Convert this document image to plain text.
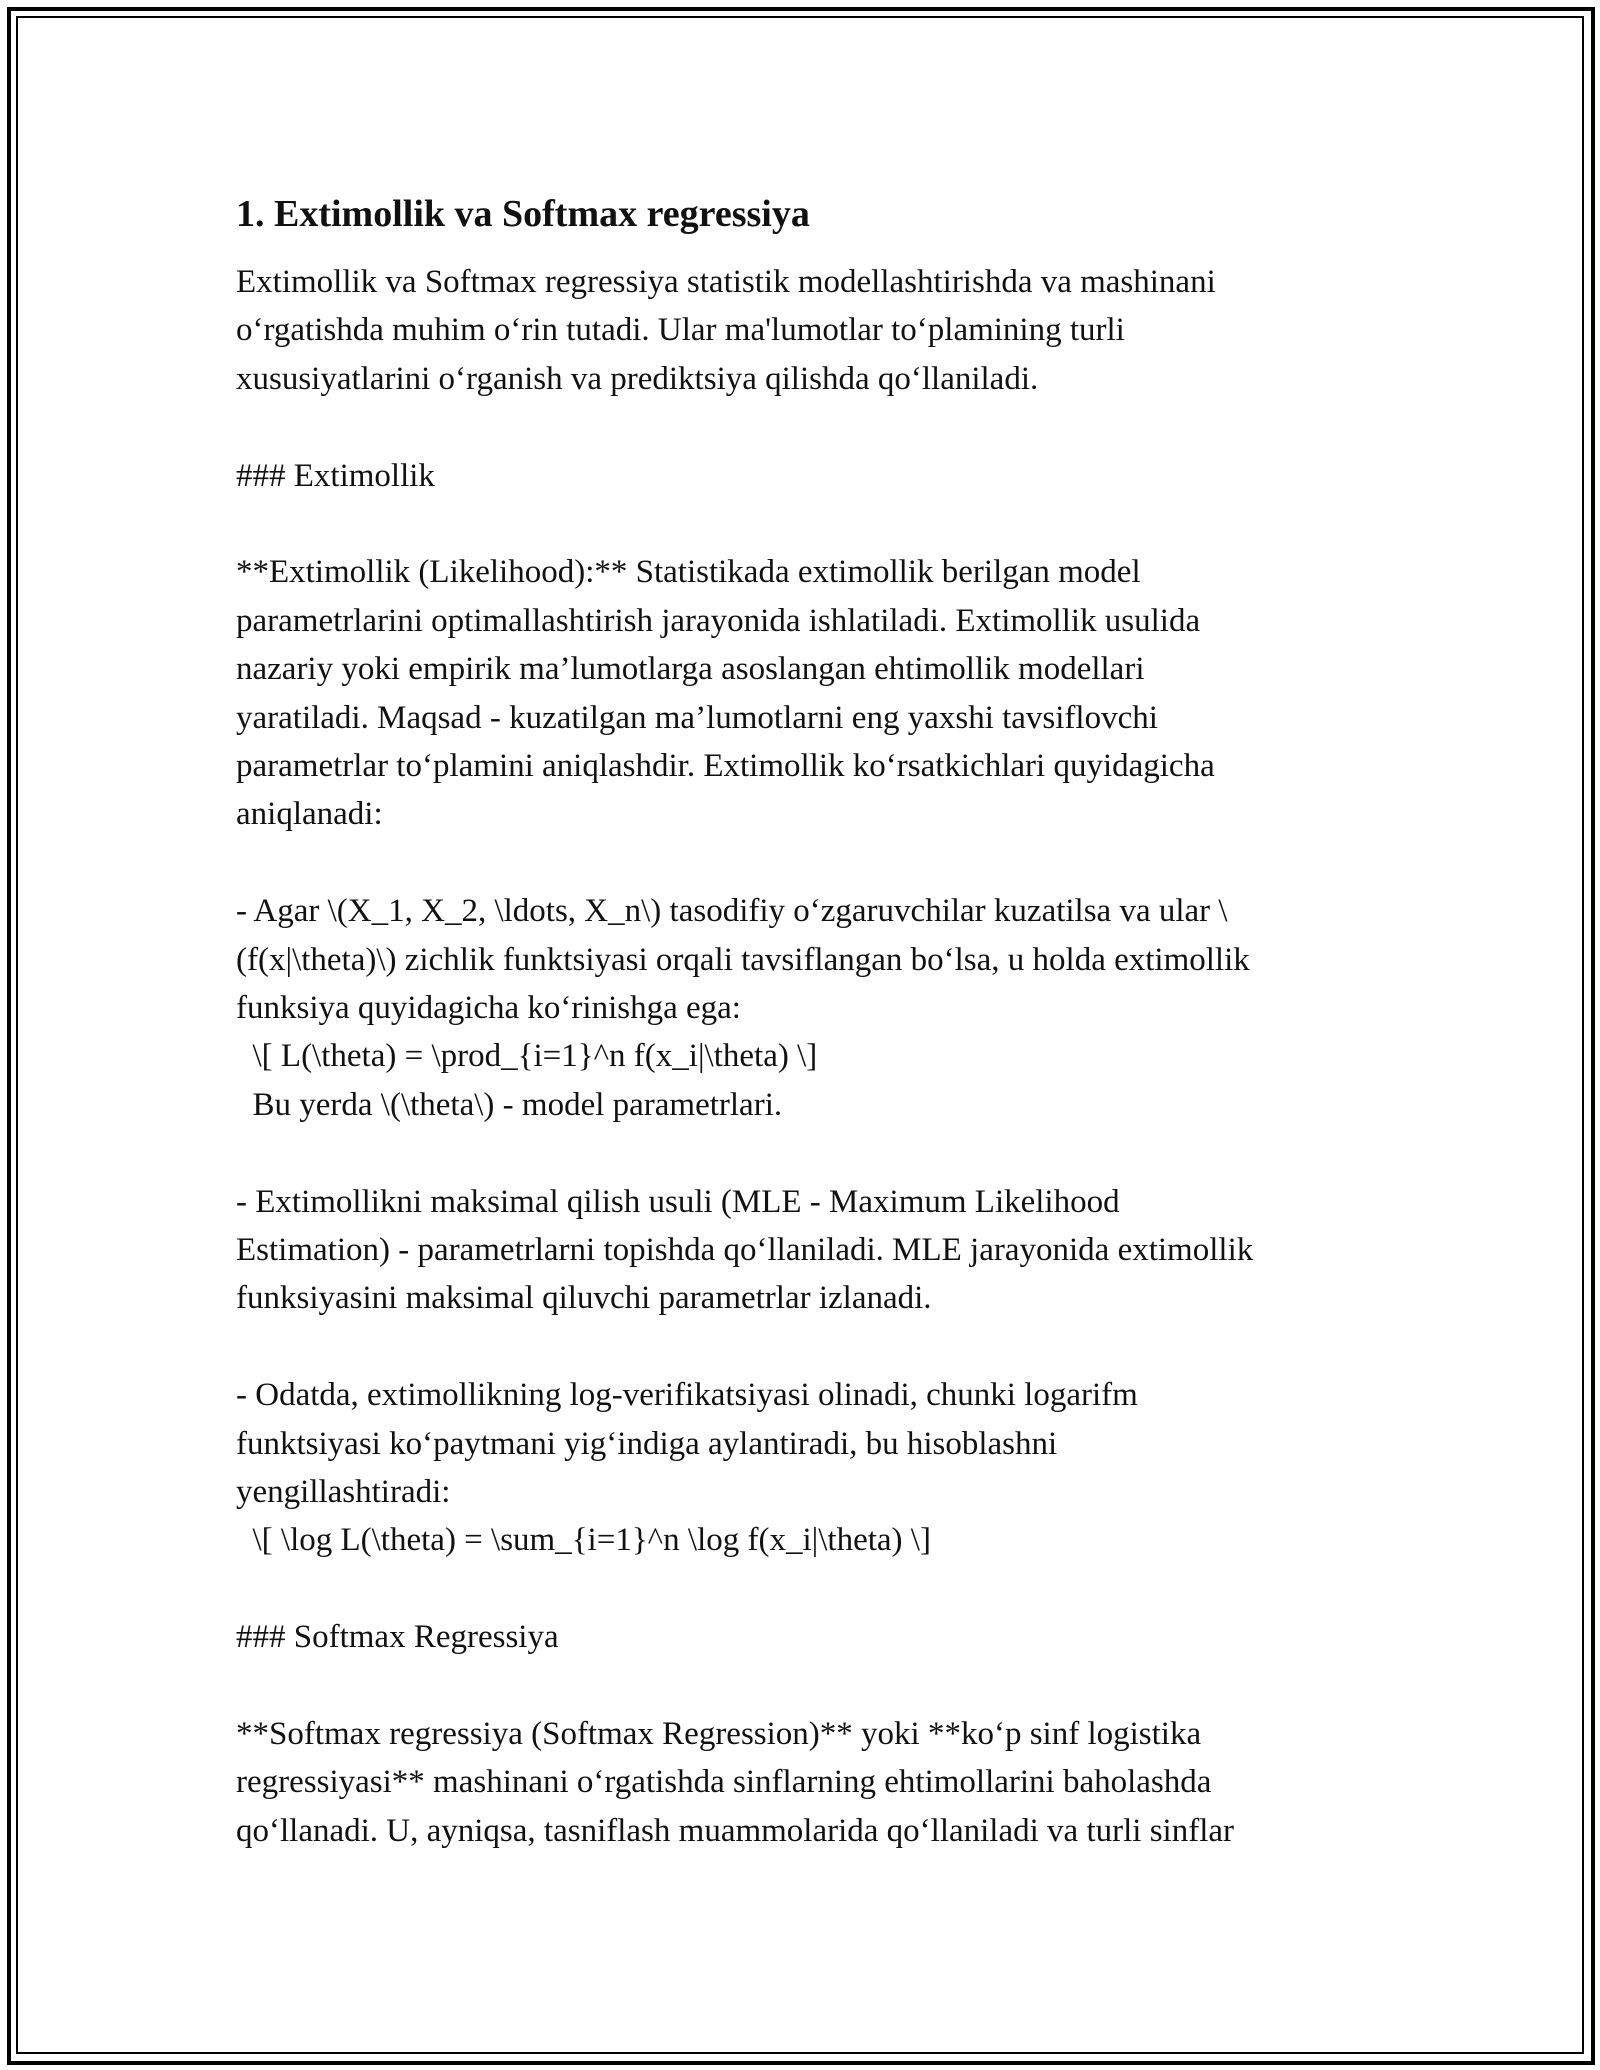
1. Extimollik va Softmax regressiya

Extimollik va Softmax regressiya statistik modellashtirishda va mashinani

o‘rgatishda muhim o‘rin tutadi. Ular ma'lumotlar to‘plamining turli

xususiyatlarini o‘rganish va prediktsiya qilishda qo‘llaniladi.

### Extimollik

**Extimollik (Likelihood):** Statistikada extimollik berilgan model

parametrlarini optimallashtirish jarayonida ishlatiladi. Extimollik usulida

nazariy yoki empirik ma’lumotlarga asoslangan ehtimollik modellari

yaratiladi. Maqsad - kuzatilgan ma’lumotlarni eng yaxshi tavsiflovchi

parametrlar to‘plamini aniqlashdir. Extimollik ko‘rsatkichlari quyidagicha

aniqlanadi:

- Agar \(X_1, X_2, \ldots, X_n\) tasodifiy o‘zgaruvchilar kuzatilsa va ular \

(f(x|\theta)\) zichlik funktsiyasi orqali tavsiflangan bo‘lsa, u holda extimollik

funksiya quyidagicha ko‘rinishga ega:

\[ L(\theta) = \prod_{i=1}^n f(x_i|\theta) \]

Bu yerda \(\theta\) - model parametrlari.

- Extimollikni maksimal qilish usuli (MLE - Maximum Likelihood

Estimation) - parametrlarni topishda qo‘llaniladi. MLE jarayonida extimollik

funksiyasini maksimal qiluvchi parametrlar izlanadi.

- Odatda, extimollikning log-verifikatsiyasi olinadi, chunki logarifm

funktsiyasi ko‘paytmani yig‘indiga aylantiradi, bu hisoblashni

yengillashtiradi:

\[ \log L(\theta) = \sum_{i=1}^n \log f(x_i|\theta) \]

### Softmax Regressiya

**Softmax regressiya (Softmax Regression)** yoki **ko‘p sinf logistika

regressiyasi** mashinani o‘rgatishda sinflarning ehtimollarini baholashda

qo‘llanadi. U, ayniqsa, tasniflash muammolarida qo‘llaniladi va turli sinflar
